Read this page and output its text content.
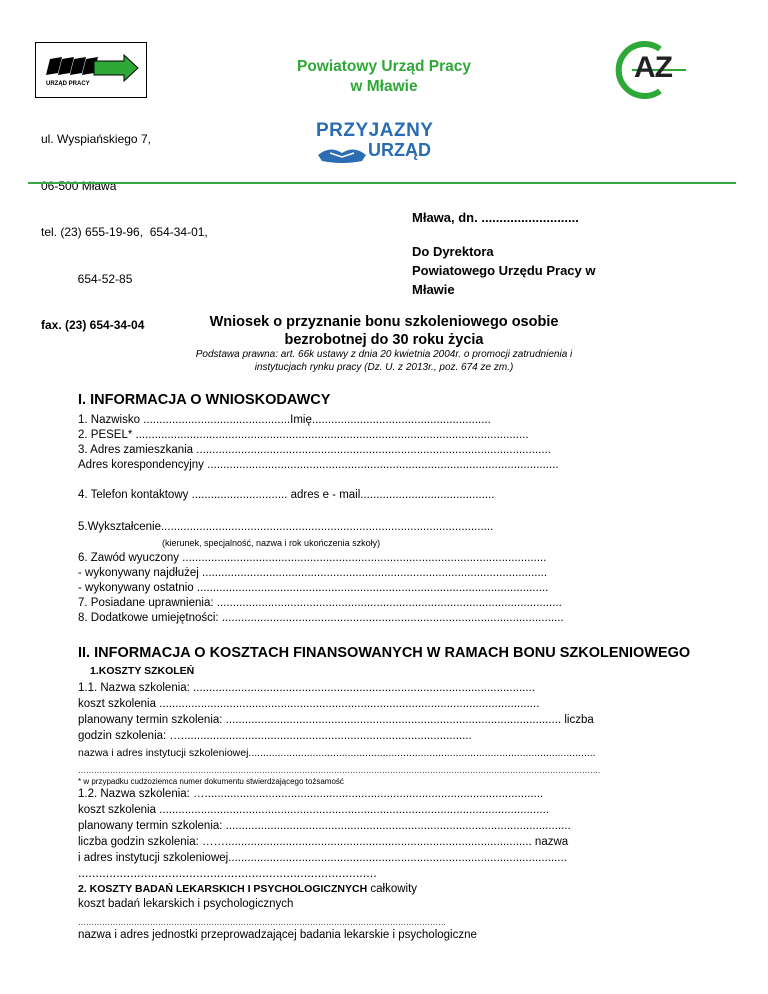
URZĄD PRACY
Powiatowy Urząd Pracy
w Mławie
AZ

ul. Wyspiańskiego 7,

06-500 Mława

tel. (23) 655-19-96,  654-34-01,

654-52-85

fax. (23) 654-34-04

PRZYJAZNY
URZĄD
Mława, dn. ...........................
Do Dyrektora
Powiatowego Urzędu Pracy w
Mławie
Wniosek o przyznanie bonu szkoleniowego osobie
bezrobotnej do 30 roku życia
Podstawa prawna: art. 66k ustawy z dnia 20 kwietnia 2004r. o promocji zatrudnienia i
instytucjach rynku pracy (Dz. U. z 2013r., poz. 674 ze zm.)
I. INFORMACJA O WNIOSKODAWCY
1. Nazwisko ..............................................Imię........................................................
2. PESEL* ...........................................................................................................................
3. Adres zamieszkania ...............................................................................................................
Adres korespondencyjny ..............................................................................................................
4. Telefon kontaktowy .............................. adres e - mail..........................................
5.Wykształcenie........................................................................................................
(kierunek, specjalność, nazwa i rok ukończenia szkoły)
6. Zawód wyuczony ..................................................................................................................
- wykonywany najdłużej ............................................................................................................
- wykonywany ostatnio ..............................................................................................................
7. Posiadane uprawnienia: ............................................................................................................
8. Dodatkowe umiejętności: ...........................................................................................................
II. INFORMACJA O KOSZTACH FINANSOWANYCH W RAMACH BONU SZKOLENIOWEGO
1.KOSZTY SZKOLEŃ
1.1. Nazwa szkolenia: ...........................................................................................................
koszt szkolenia .......................................................................................................................
planowany termin szkolenia: ......................................................................................................... liczba
godzin szkolenia: …...........................................................................................
nazwa i adres instytucji szkoleniowej.......................................................................................................................
…………………………………………………………………………………………………………………………………………………………………………….
* w przypadku cudzoziemca numer dokumentu stwierdzającego tożsamość
1.2. Nazwa szkolenia: …..........................................................................................................
koszt szkolenia ..........................................................................................................................
planowany termin szkolenia: ............................................................................................................
liczba godzin szkolenia: ……................................................................................................ nazwa
i adres instytucji szkoleniowej..........................................................................................................
......................................................................................
2. KOSZTY BADAŃ LEKARSKICH I PSYCHOLOGICZNYCH całkowity
koszt badań lekarskich i psychologicznych
…………………………………………………………………………………………………………………………
nazwa i adres jednostki przeprowadzającej badania lekarskie i psychologiczne
